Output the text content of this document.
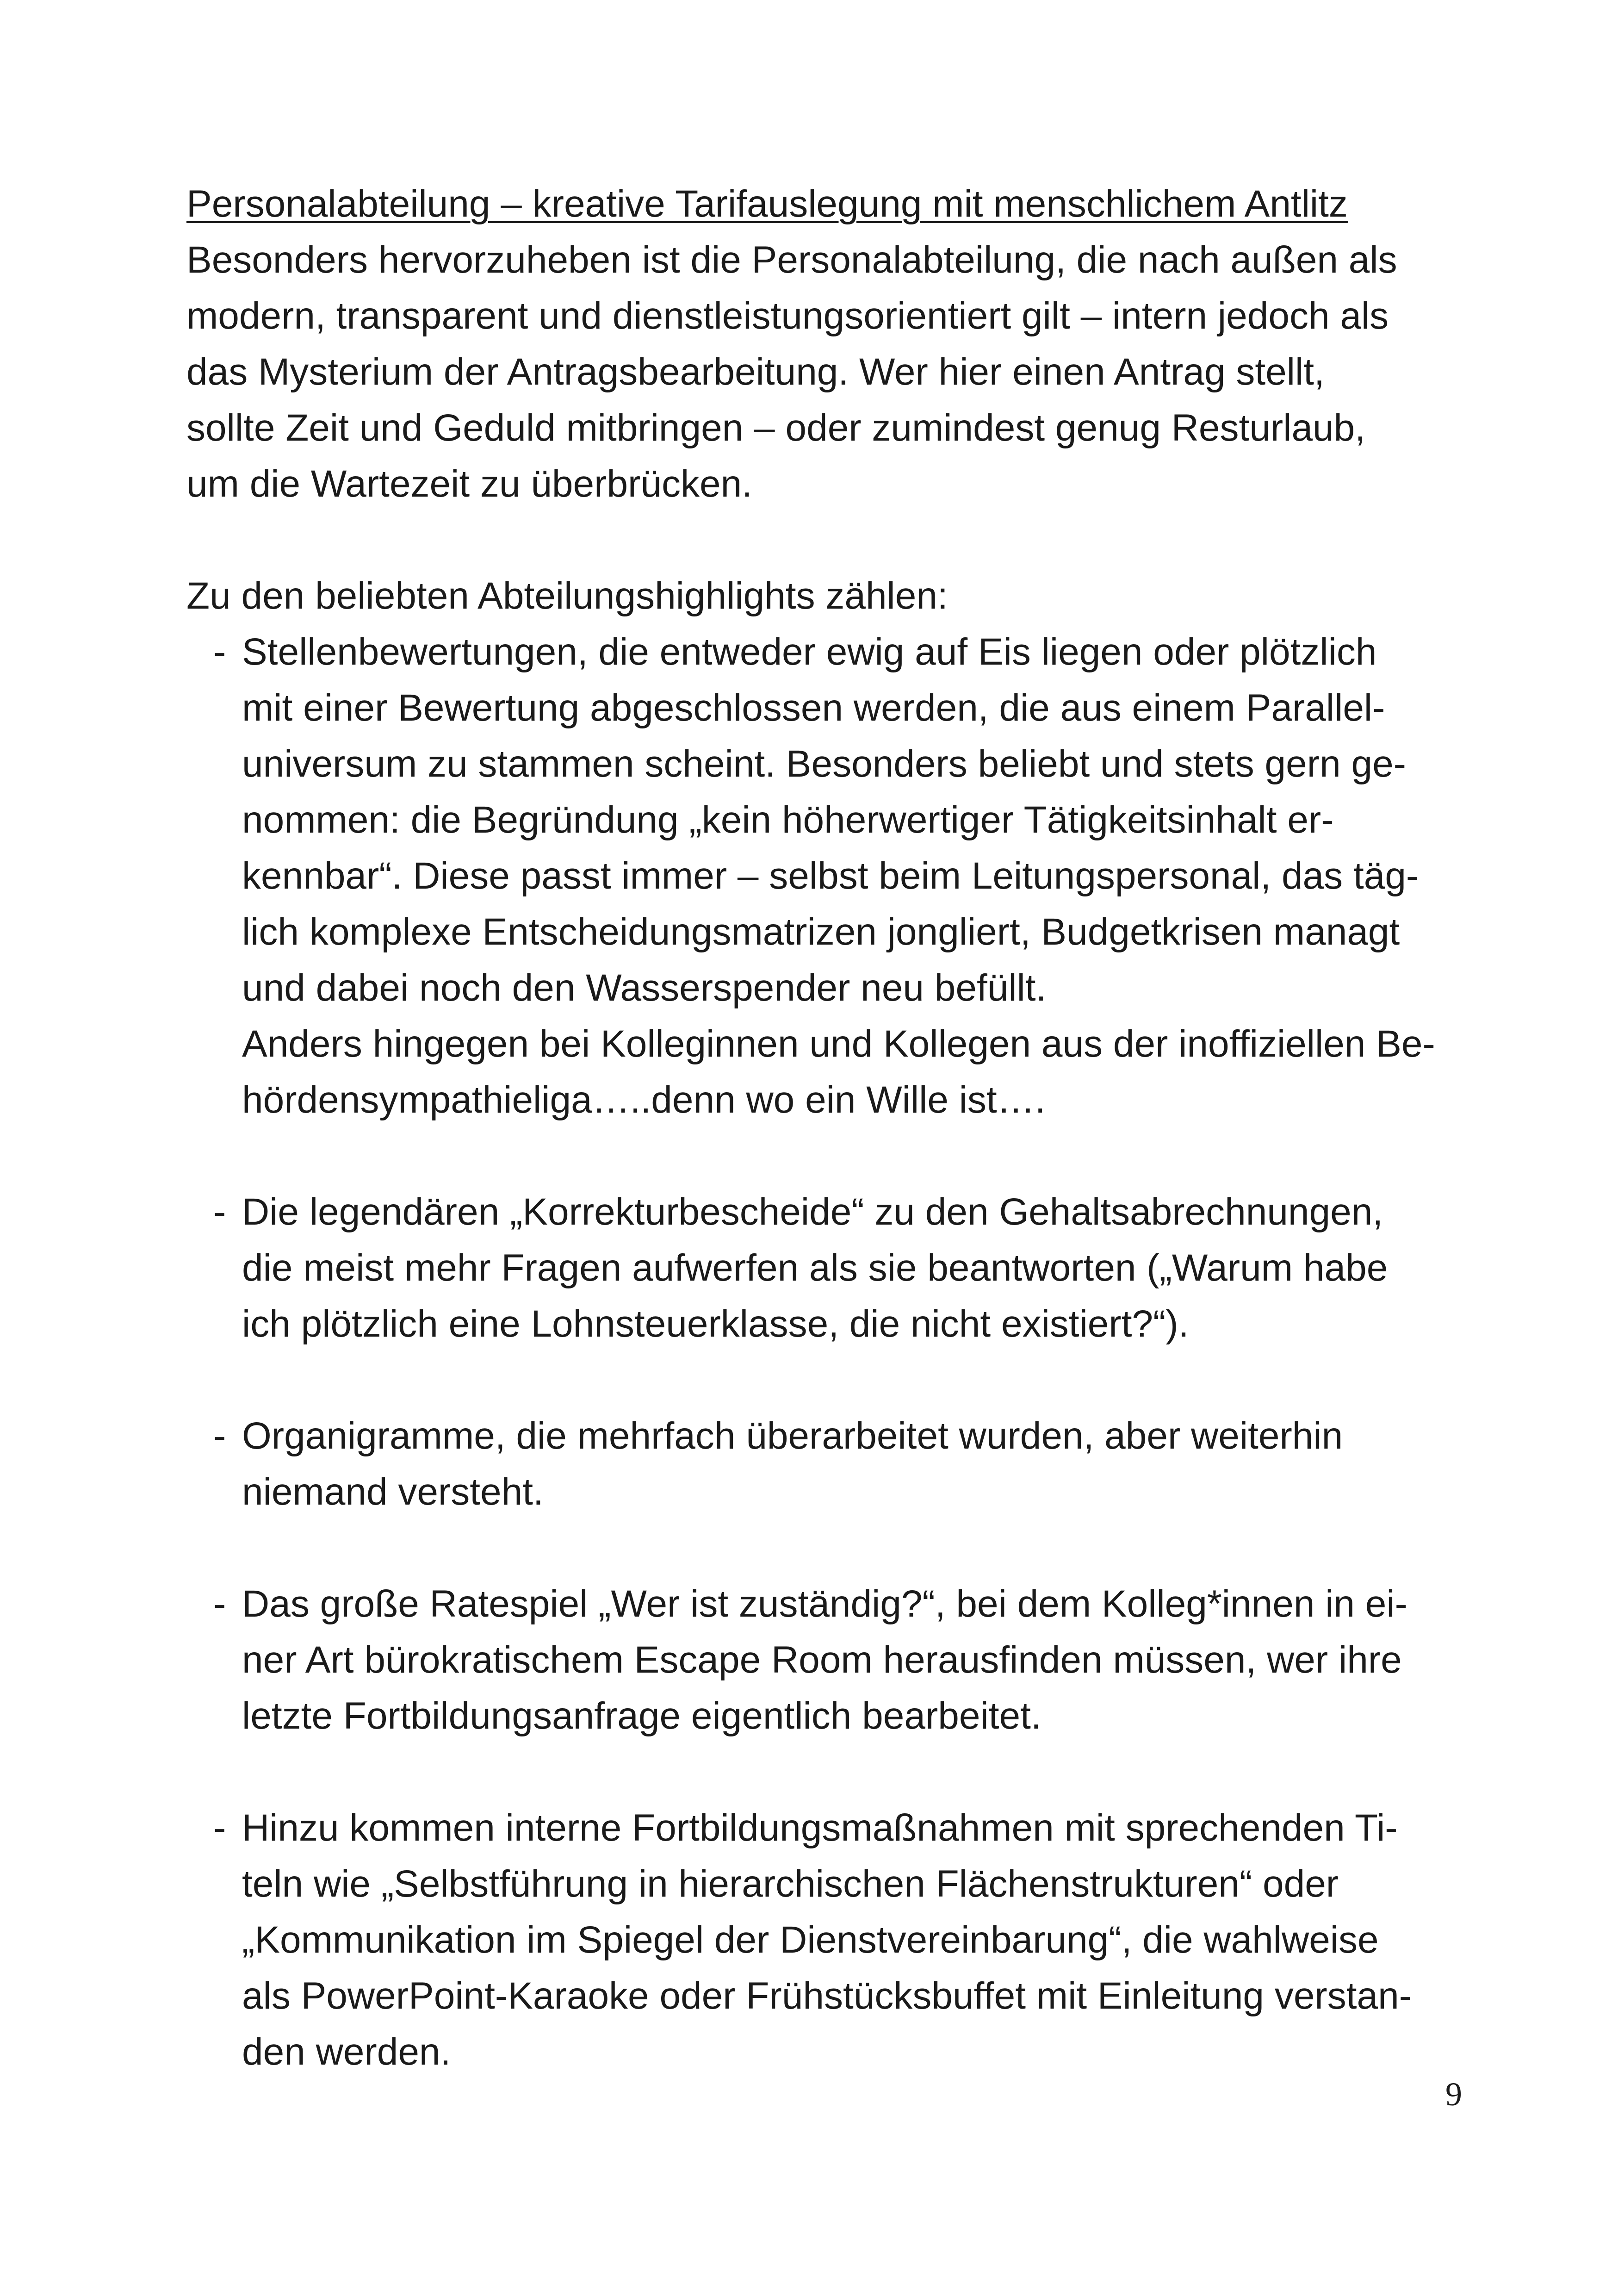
Personalabteilung – kreative Tarifauslegung mit menschlichem Antlitz
Besonders hervorzuheben ist die Personalabteilung, die nach außen als
modern, transparent und dienstleistungsorientiert gilt – intern jedoch als
das Mysterium der Antragsbearbeitung. Wer hier einen Antrag stellt,
sollte Zeit und Geduld mitbringen – oder zumindest genug Resturlaub,
um die Wartezeit zu überbrücken.
Zu den beliebten Abteilungshighlights zählen:
- Stellenbewertungen, die entweder ewig auf Eis liegen oder plötzlich
mit einer Bewertung abgeschlossen werden, die aus einem Parallel-
universum zu stammen scheint. Besonders beliebt und stets gern ge-
nommen: die Begründung „kein höherwertiger Tätigkeitsinhalt er-
kennbar“. Diese passt immer – selbst beim Leitungspersonal, das täg-
lich komplexe Entscheidungsmatrizen jongliert, Budgetkrisen managt
und dabei noch den Wasserspender neu befüllt.
Anders hingegen bei Kolleginnen und Kollegen aus der inoffiziellen Be-
hördensympathieliga…..denn wo ein Wille ist….
- Die legendären „Korrekturbescheide“ zu den Gehaltsabrechnungen,
die meist mehr Fragen aufwerfen als sie beantworten („Warum habe
ich plötzlich eine Lohnsteuerklasse, die nicht existiert?“).
- Organigramme, die mehrfach überarbeitet wurden, aber weiterhin
niemand versteht.
- Das große Ratespiel „Wer ist zuständig?“, bei dem Kolleg*innen in ei-
ner Art bürokratischem Escape Room herausfinden müssen, wer ihre
letzte Fortbildungsanfrage eigentlich bearbeitet.
- Hinzu kommen interne Fortbildungsmaßnahmen mit sprechenden Ti-
teln wie „Selbstführung in hierarchischen Flächenstrukturen“ oder
„Kommunikation im Spiegel der Dienstvereinbarung“, die wahlweise
als PowerPoint-Karaoke oder Frühstücksbuffet mit Einleitung verstan-
den werden.
9
